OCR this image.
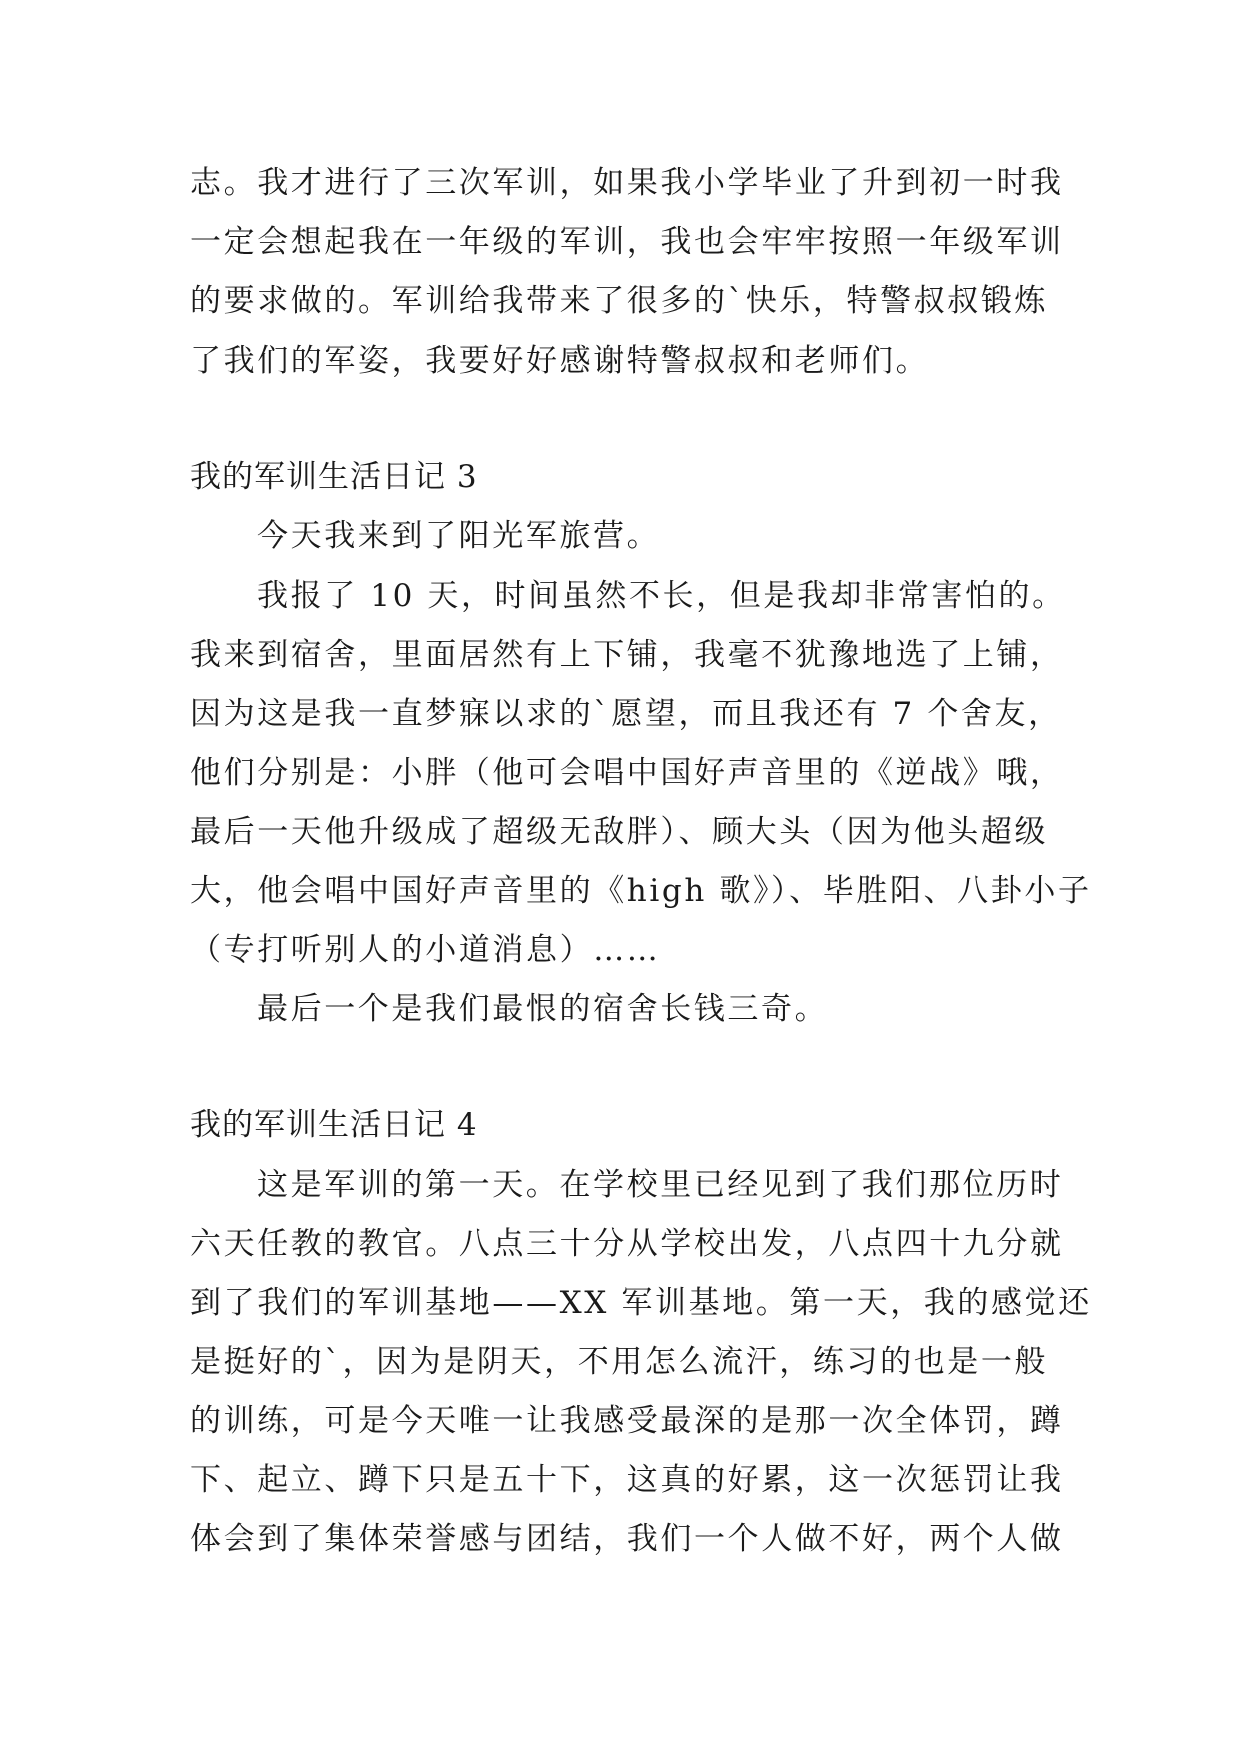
志。我才进行了三次军训，如果我小学毕业了升到初一时我
一定会想起我在一年级的军训，我也会牢牢按照一年级军训
的要求做的。军训给我带来了很多的`快乐，特警叔叔锻炼
了我们的军姿，我要好好感谢特警叔叔和老师们。
我的军训生活日记 3
今天我来到了阳光军旅营。
我报了 10 天，时间虽然不长，但是我却非常害怕的。
我来到宿舍，里面居然有上下铺，我毫不犹豫地选了上铺，
因为这是我一直梦寐以求的`愿望，而且我还有 7 个舍友，
他们分别是：小胖（他可会唱中国好声音里的《逆战》哦，
最后一天他升级成了超级无敌胖）、顾大头（因为他头超级
大，他会唱中国好声音里的《high 歌》）、毕胜阳、八卦小子
（专打听别人的小道消息）……
最后一个是我们最恨的宿舍长钱三奇。
我的军训生活日记 4
这是军训的第一天。在学校里已经见到了我们那位历时
六天任教的教官。八点三十分从学校出发，八点四十九分就
到了我们的军训基地——XX 军训基地。第一天，我的感觉还
是挺好的`，因为是阴天，不用怎么流汗，练习的也是一般
的训练，可是今天唯一让我感受最深的是那一次全体罚，蹲
下、起立、蹲下只是五十下，这真的好累，这一次惩罚让我
体会到了集体荣誉感与团结，我们一个人做不好，两个人做
